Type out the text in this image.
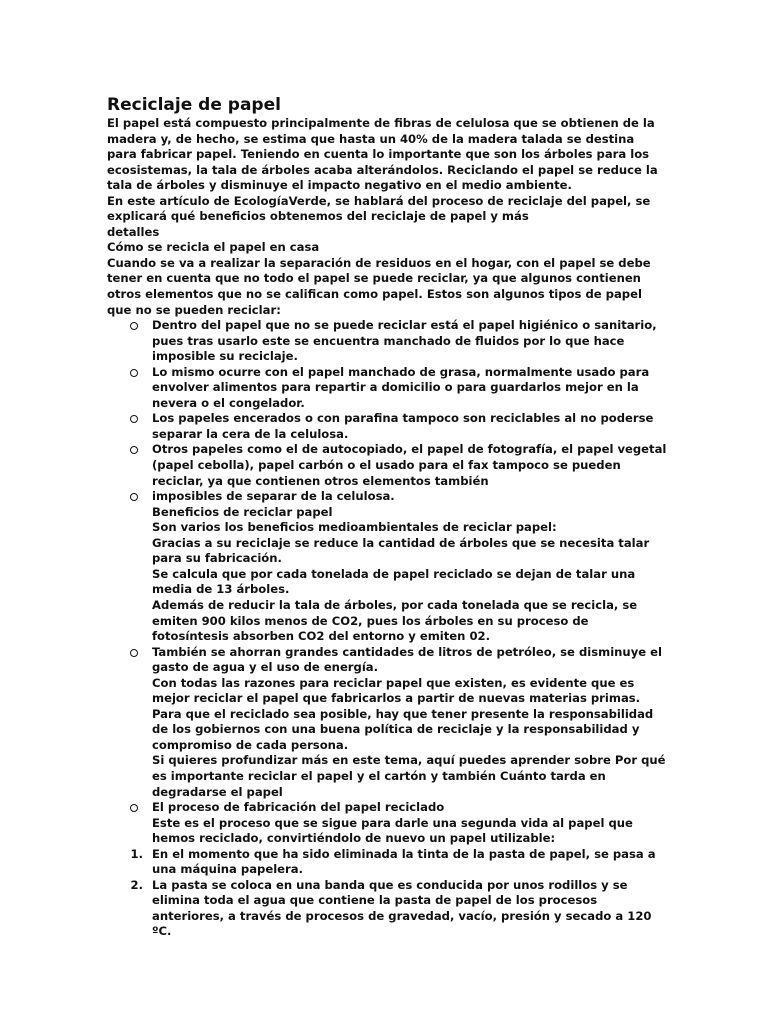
Reciclaje de papel

El papel está compuesto principalmente de fibras de celulosa que se obtienen de la madera y, de hecho, se estima que hasta un 40% de la madera talada se destina para fabricar papel. Teniendo en cuenta lo importante que son los árboles para los ecosistemas, la tala de árboles acaba alterándolos. Reciclando el papel se reduce la tala de árboles y disminuye el impacto negativo en el medio ambiente.

En este artículo de EcologíaVerde, se hablará del proceso de reciclaje del papel, se explicará qué beneficios obtenemos del reciclaje de papel y más

detalles

Cómo se recicla el papel en casa

Cuando se va a realizar la separación de residuos en el hogar, con el papel se debe tener en cuenta que no todo el papel se puede reciclar, ya que algunos contienen otros elementos que no se califican como papel. Estos son algunos tipos de papel que no se pueden reciclar:

Dentro del papel que no se puede reciclar está el papel higiénico o sanitario, pues tras usarlo este se encuentra manchado de fluidos por lo que hace imposible su reciclaje.
Lo mismo ocurre con el papel manchado de grasa, normalmente usado para envolver alimentos para repartir a domicilio o para guardarlos mejor en la nevera o el congelador.
Los papeles encerados o con parafina tampoco son reciclables al no poderse separar la cera de la celulosa.
Otros papeles como el de autocopiado, el papel de fotografía, el papel vegetal (papel cebolla), papel carbón o el usado para el fax tampoco se pueden reciclar, ya que contienen otros elementos también
imposibles de separar de la celulosa.

Beneficios de reciclar papel

Son varios los beneficios medioambientales de reciclar papel:

Gracias a su reciclaje se reduce la cantidad de árboles que se necesita talar para su fabricación.

Se calcula que por cada tonelada de papel reciclado se dejan de talar una media de 13 árboles.

Además de reducir la tala de árboles, por cada tonelada que se recicla, se emiten 900 kilos menos de CO2, pues los árboles en su proceso de fotosíntesis absorben CO2 del entorno y emiten 02.

También se ahorran grandes cantidades de litros de petróleo, se disminuye el gasto de agua y el uso de energía.

Con todas las razones para reciclar papel que existen, es evidente que es mejor reciclar el papel que fabricarlos a partir de nuevas materias primas. Para que el reciclado sea posible, hay que tener presente la responsabilidad de los gobiernos con una buena política de reciclaje y la responsabilidad y compromiso de cada persona.

Si quieres profundizar más en este tema, aquí puedes aprender sobre Por qué es importante reciclar el papel y el cartón y también Cuánto tarda en degradarse el papel

El proceso de fabricación del papel reciclado

Este es el proceso que se sigue para darle una segunda vida al papel que hemos reciclado, convirtiéndolo de nuevo un papel utilizable:

1. En el momento que ha sido eliminada la tinta de la pasta de papel, se pasa a una máquina papelera.
2. La pasta se coloca en una banda que es conducida por unos rodillos y se elimina toda el agua que contiene la pasta de papel de los procesos anteriores, a través de procesos de gravedad, vacío, presión y secado a 120 ºC.
